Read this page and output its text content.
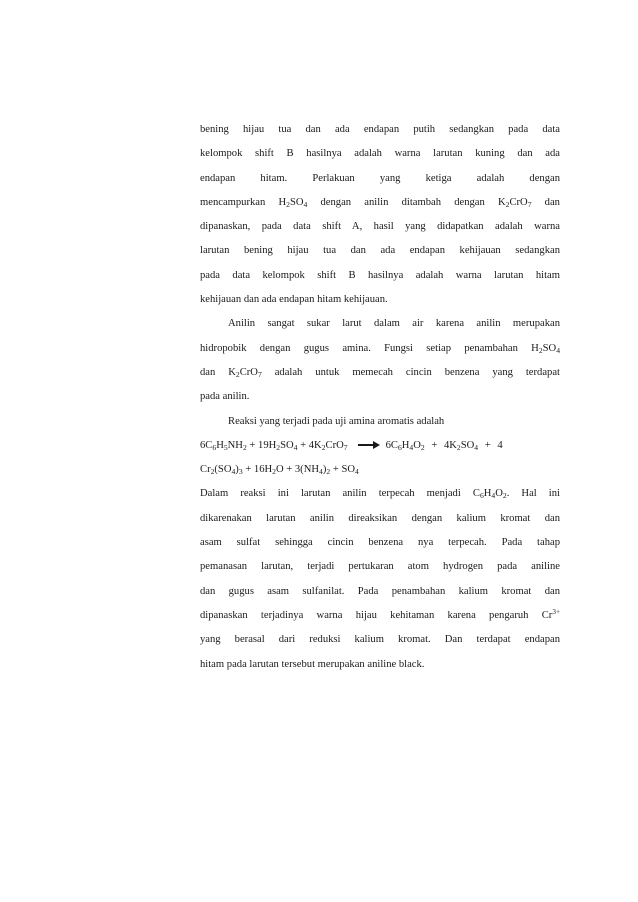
bening hijau tua dan ada endapan putih sedangkan pada data
kelompok shift B hasilnya adalah warna larutan kuning dan ada
endapan hitam. Perlakuan yang ketiga adalah dengan
mencampurkan $H_2SO_4$ dengan anilin ditambah dengan $K_2CrO_7$ dan
dipanaskan, pada data shift A, hasil yang didapatkan adalah warna
larutan bening hijau tua dan ada endapan kehijauan sedangkan
pada data kelompok shift B hasilnya adalah warna larutan hitam
kehijauan dan ada endapan hitam kehijauan.
Anilin sangat sukar larut dalam air karena anilin merupakan
hidropobik dengan gugus amina. Fungsi setiap penambahan $H_2SO_4$
dan $K_2CrO_7$ adalah untuk memecah cincin benzena yang terdapat
pada anilin.
Reaksi yang terjadi pada uji amina aromatis adalah
$6C_6H_5NH_2 + 19H_2SO_4 + 4K_2CrO_7$	$6C_6H_4O_2 + 4K_2SO_4 + 4$
$Cr_2(SO_4)_3 + 16H_2O + 3(NH_4)_2 + SO_4$
Dalam reaksi ini larutan anilin terpecah menjadi $C_6H_4O_2$. Hal ini
dikarenakan larutan anilin direaksikan dengan kalium kromat dan
asam sulfat sehingga cincin benzena nya terpecah. Pada tahap
pemanasan larutan, terjadi pertukaran atom hydrogen pada aniline
dan gugus asam sulfanilat. Pada penambahan kalium kromat dan
dipanaskan terjadinya warna hijau kehitaman karena pengaruh $Cr^{3+}$
yang berasal dari reduksi kalium kromat. Dan terdapat endapan
hitam pada larutan tersebut merupakan aniline black.
